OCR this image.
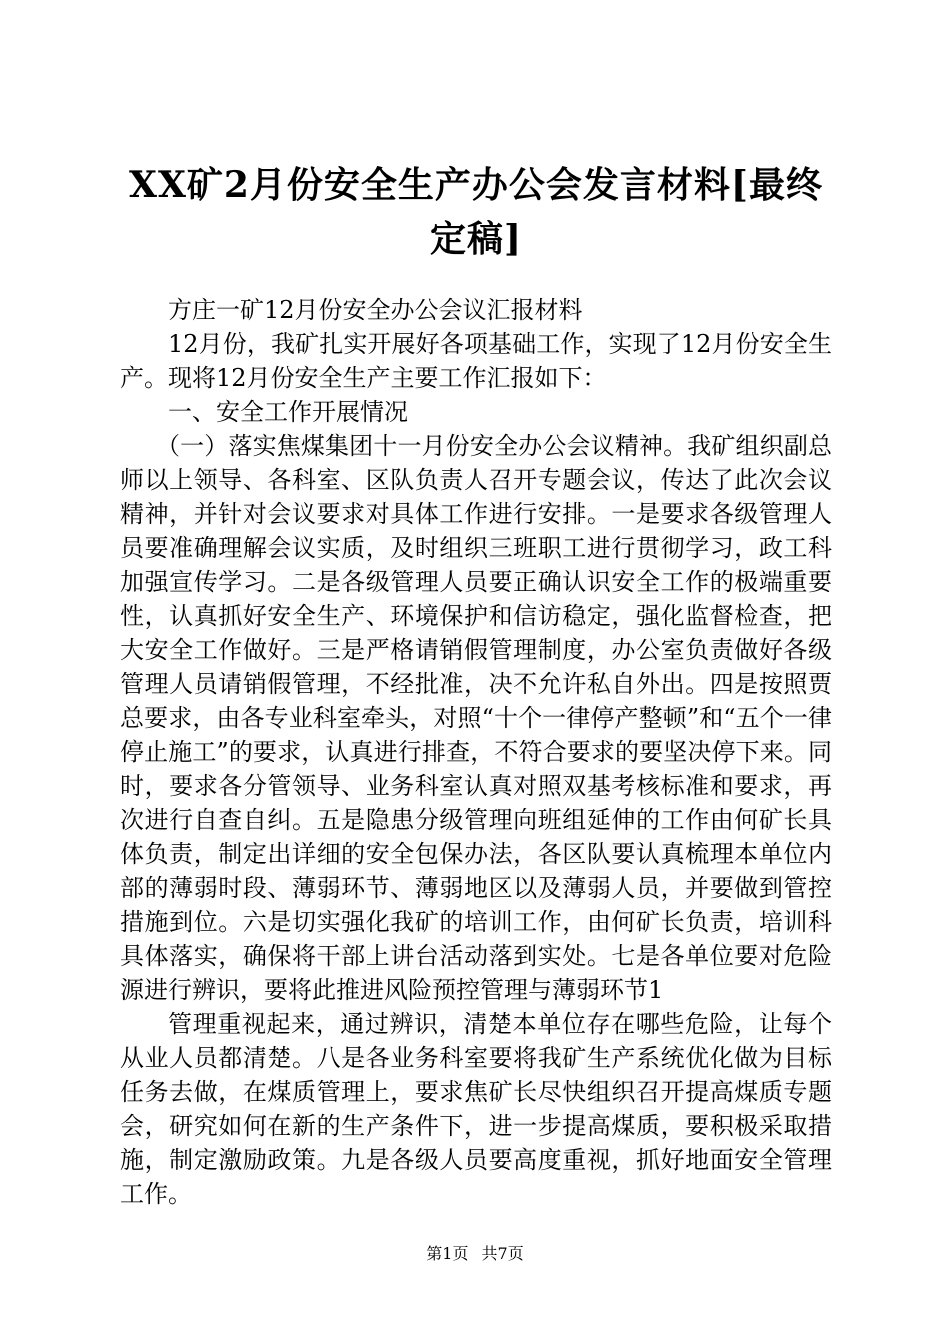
XX矿2月份安全生产办公会发言材料[最终定稿]

方庄一矿12月份安全办公会议汇报材料

12月份，我矿扎实开展好各项基础工作，实现了12月份安全生产。现将12月份安全生产主要工作汇报如下：

一、安全工作开展情况

（一）落实焦煤集团十一月份安全办公会议精神。我矿组织副总师以上领导、各科室、区队负责人召开专题会议，传达了此次会议精神，并针对会议要求对具体工作进行安排。一是要求各级管理人员要准确理解会议实质，及时组织三班职工进行贯彻学习，政工科加强宣传学习。二是各级管理人员要正确认识安全工作的极端重要性，认真抓好安全生产、环境保护和信访稳定，强化监督检查，把大安全工作做好。三是严格请销假管理制度，办公室负责做好各级管理人员请销假管理，不经批准，决不允许私自外出。四是按照贾总要求，由各专业科室牵头，对照“十个一律停产整顿”和“五个一律停止施工”的要求，认真进行排查，不符合要求的要坚决停下来。同时，要求各分管领导、业务科室认真对照双基考核标准和要求，再次进行自查自纠。五是隐患分级管理向班组延伸的工作由何矿长具体负责，制定出详细的安全包保办法，各区队要认真梳理本单位内部的薄弱时段、薄弱环节、薄弱地区以及薄弱人员，并要做到管控措施到位。六是切实强化我矿的培训工作，由何矿长负责，培训科具体落实，确保将干部上讲台活动落到实处。七是各单位要对危险源进行辨识，要将此推进风险预控管理与薄弱环节1

管理重视起来，通过辨识，清楚本单位存在哪些危险，让每个从业人员都清楚。八是各业务科室要将我矿生产系统优化做为目标任务去做，在煤质管理上，要求焦矿长尽快组织召开提高煤质专题会，研究如何在新的生产条件下，进一步提高煤质，要积极采取措施，制定激励政策。九是各级人员要高度重视，抓好地面安全管理工作。

第1页 共7页
